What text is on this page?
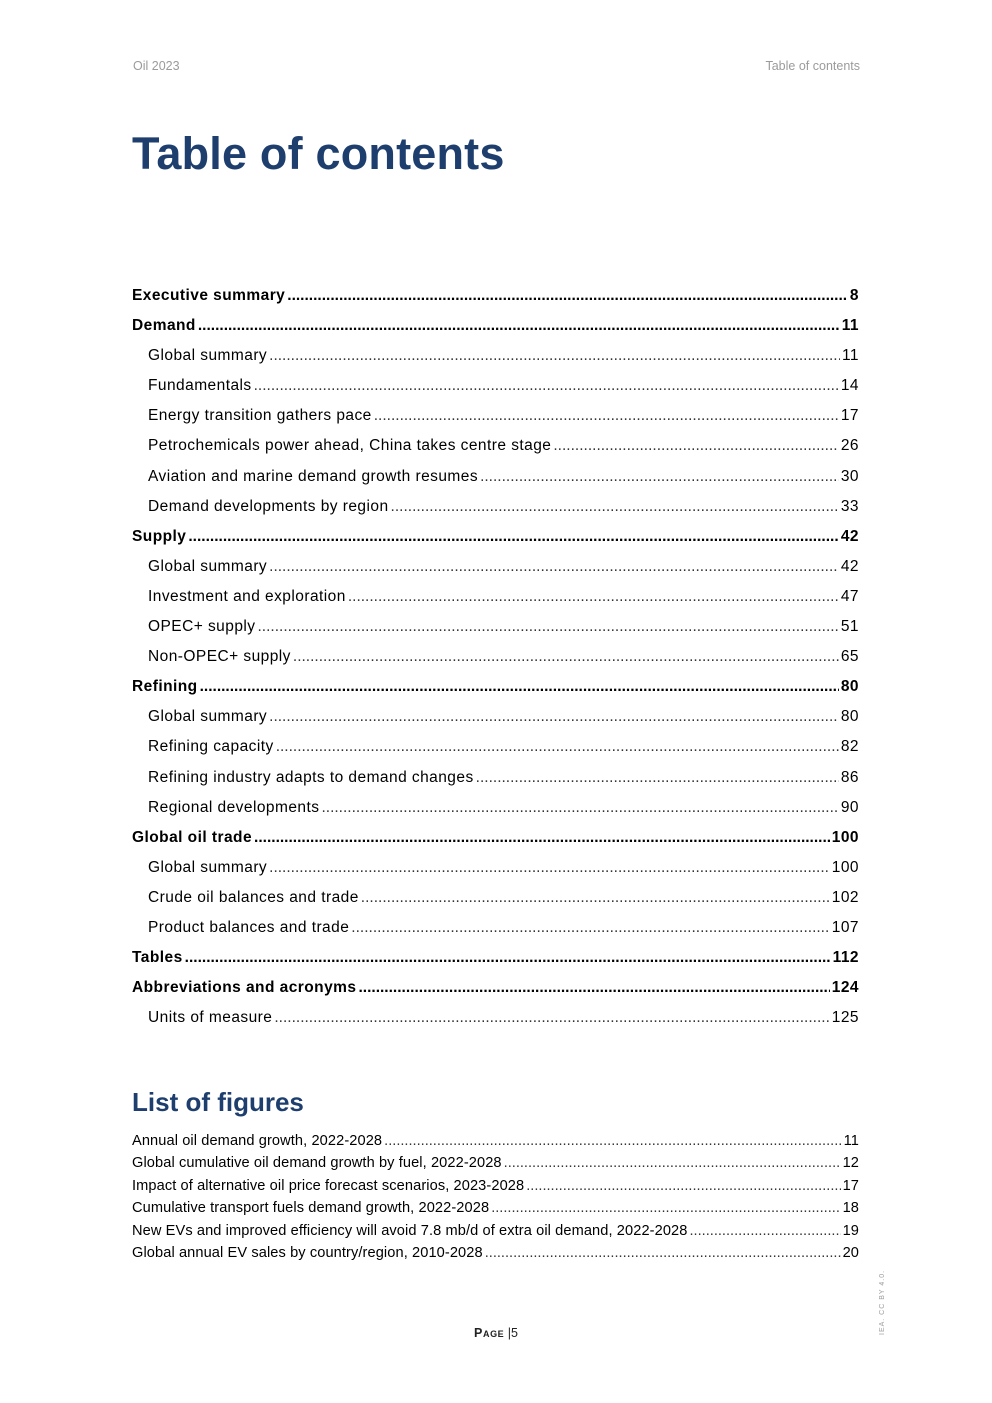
Oil 2023	Table of contents
Table of contents
Executive summary .....	8
Demand .....	11
Global summary .....	11
Fundamentals .....	14
Energy transition gathers pace .....	17
Petrochemicals power ahead, China takes centre stage .....	26
Aviation and marine demand growth resumes .....	30
Demand developments by region .....	33
Supply .....	42
Global summary .....	42
Investment and exploration .....	47
OPEC+ supply .....	51
Non-OPEC+ supply .....	65
Refining .....	80
Global summary .....	80
Refining capacity .....	82
Refining industry adapts to demand changes .....	86
Regional developments .....	90
Global oil trade .....	100
Global summary .....	100
Crude oil balances and trade .....	102
Product balances and trade .....	107
Tables .....	112
Abbreviations and acronyms .....	124
Units of measure .....	125
List of figures
Annual oil demand growth, 2022-2028 .....	11
Global cumulative oil demand growth by fuel, 2022-2028 .....	12
Impact of alternative oil price forecast scenarios, 2023-2028 .....	17
Cumulative transport fuels demand growth, 2022-2028 .....	18
New EVs and improved efficiency will avoid 7.8 mb/d of extra oil demand, 2022-2028 .....	19
Global annual EV sales by country/region, 2010-2028 .....	20
Page |5	IEA. CC BY 4.0.
